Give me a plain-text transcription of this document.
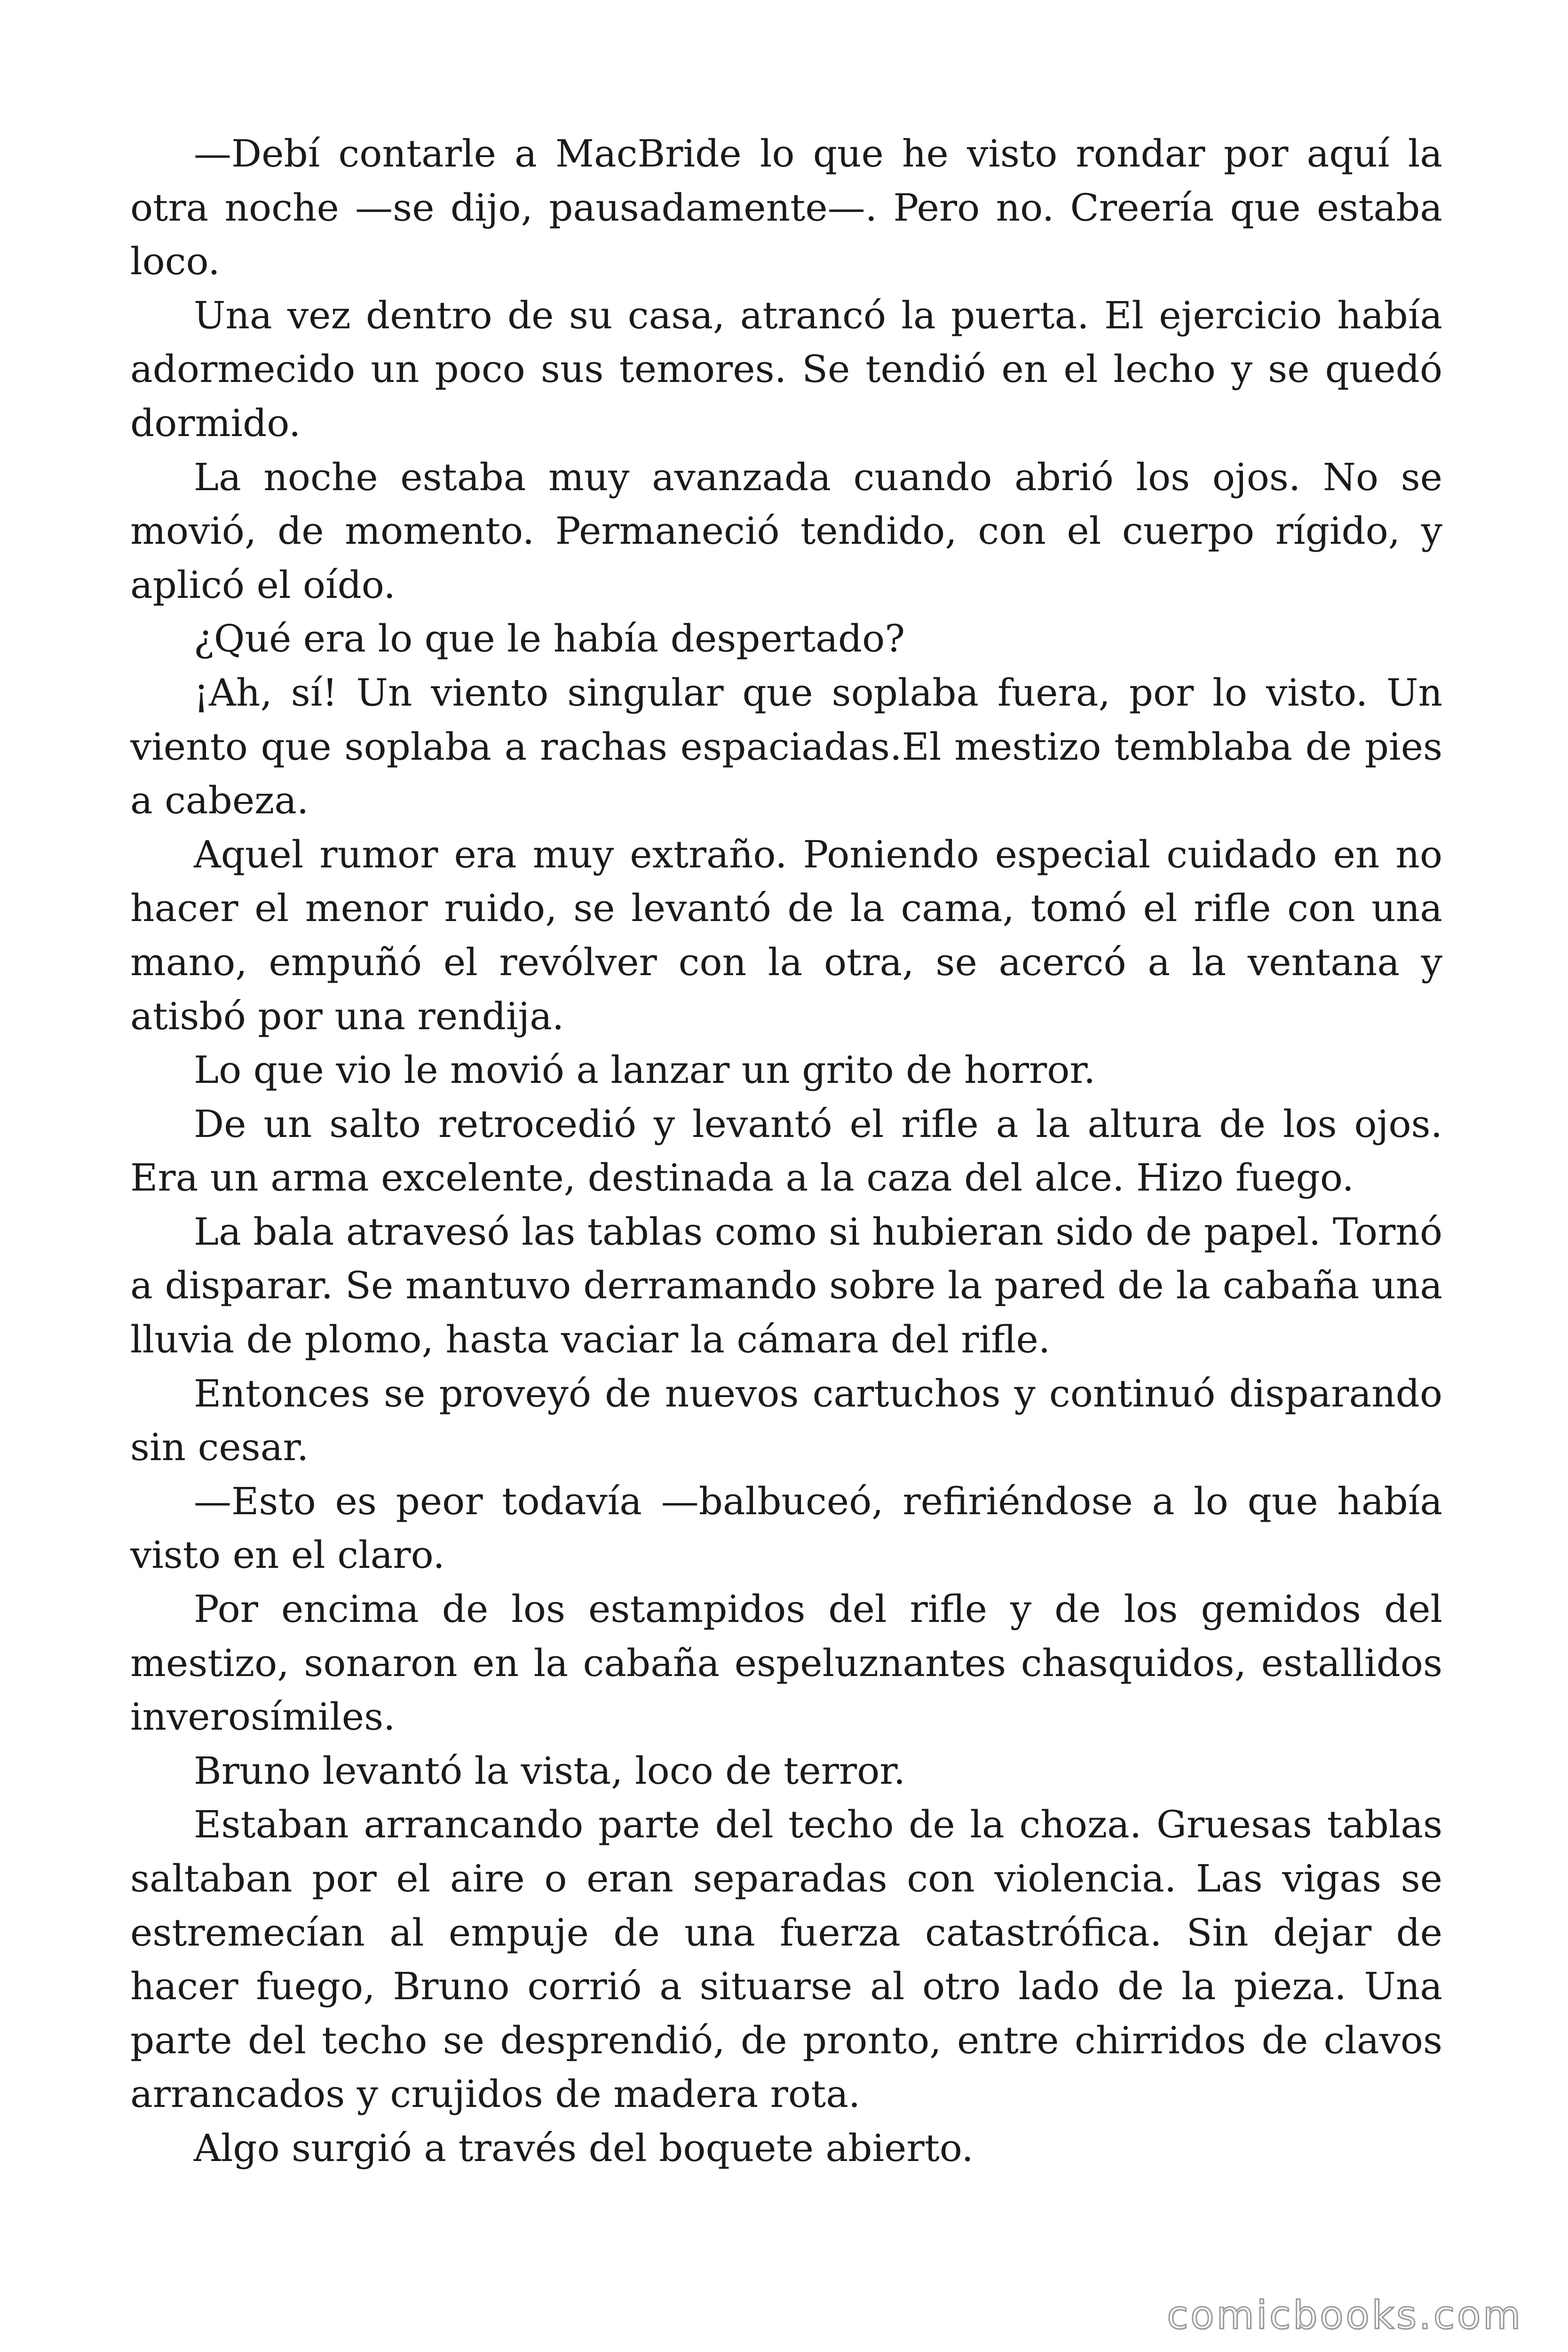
—Debí contarle a MacBride lo que he visto rondar por aquí la otra noche —se dijo, pausadamente—. Pero no. Creería que estaba loco.

Una vez dentro de su casa, atrancó la puerta. El ejercicio había adormecido un poco sus temores. Se tendió en el lecho y se quedó dormido.

La noche estaba muy avanzada cuando abrió los ojos. No se movió, de momento. Permaneció tendido, con el cuerpo rígido, y aplicó el oído.

¿Qué era lo que le había despertado?

¡Ah, sí! Un viento singular que soplaba fuera, por lo visto. Un viento que soplaba a rachas espaciadas.El mestizo temblaba de pies a cabeza.

Aquel rumor era muy extraño. Poniendo especial cuidado en no hacer el menor ruido, se levantó de la cama, tomó el rifle con una mano, empuñó el revólver con la otra, se acercó a la ventana y atisbó por una rendija.

Lo que vio le movió a lanzar un grito de horror.

De un salto retrocedió y levantó el rifle a la altura de los ojos. Era un arma excelente, destinada a la caza del alce. Hizo fuego.

La bala atravesó las tablas como si hubieran sido de papel. Tornó a disparar. Se mantuvo derramando sobre la pared de la cabaña una lluvia de plomo, hasta vaciar la cámara del rifle.

Entonces se proveyó de nuevos cartuchos y continuó disparando sin cesar.

—Esto es peor todavía —balbuceó, refiriéndose a lo que había visto en el claro.

Por encima de los estampidos del rifle y de los gemidos del mestizo, sonaron en la cabaña espeluznantes chasquidos, estallidos inverosímiles.

Bruno levantó la vista, loco de terror.

Estaban arrancando parte del techo de la choza. Gruesas tablas saltaban por el aire o eran separadas con violencia. Las vigas se estremecían al empuje de una fuerza catastrófica. Sin dejar de hacer fuego, Bruno corrió a situarse al otro lado de la pieza. Una parte del techo se desprendió, de pronto, entre chirridos de clavos arrancados y crujidos de madera rota.

Algo surgió a través del boquete abierto.

comicbooks.com
